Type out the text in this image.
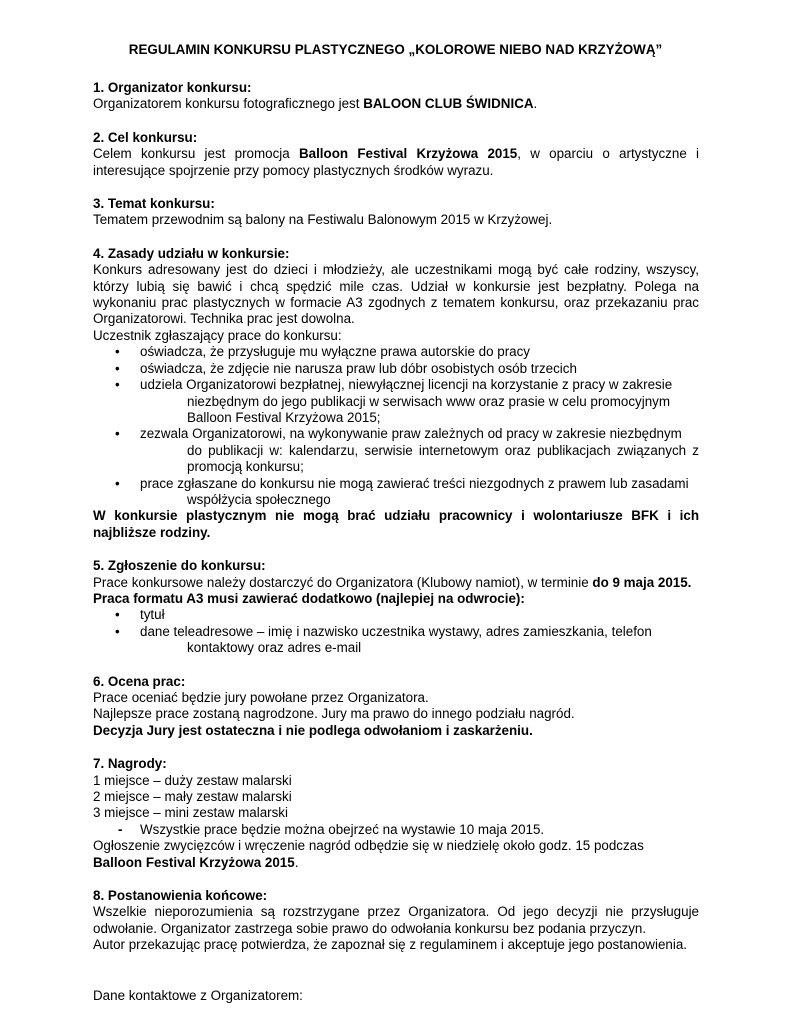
REGULAMIN KONKURSU PLASTYCZNEGO „KOLOROWE NIEBO NAD KRZYŻOWĄ”

1. Organizator konkursu:

Organizatorem konkursu fotograficznego jest BALOON CLUB ŚWIDNICA.

2. Cel konkursu:

Celem konkursu jest promocja Balloon Festival Krzyżowa 2015, w oparciu o artystyczne i

interesujące spojrzenie przy pomocy plastycznych środków wyrazu.

3. Temat konkursu:

Tematem przewodnim są balony na Festiwalu Balonowym 2015 w Krzyżowej.

4. Zasady udziału w konkursie:

Konkurs adresowany jest do dzieci i młodzieży, ale uczestnikami mogą być całe rodziny, wszyscy, którzy lubią się bawić i chcą spędzić mile czas. Udział w konkursie jest bezpłatny. Polega na wykonaniu prac plastycznych w formacie A3 zgodnych z tematem konkursu, oraz przekazaniu prac Organizatorowi. Technika prac jest dowolna.

Uczestnik zgłaszający prace do konkursu:

• oświadcza, że przysługuje mu wyłączne prawa autorskie do pracy
• oświadcza, że zdjęcie nie narusza praw lub dóbr osobistych osób trzecich
• udziela Organizatorowi bezpłatnej, niewyłącznej licencji na korzystanie z pracy w zakresie
niezbędnym do jego publikacji w serwisach www oraz prasie w celu promocyjnym Balloon Festival Krzyżowa 2015;
• zezwala Organizatorowi, na wykonywanie praw zależnych od pracy w zakresie niezbędnym
do publikacji w: kalendarzu, serwisie internetowym oraz publikacjach związanych z promocją konkursu;
• prace zgłaszane do konkursu nie mogą zawierać treści niezgodnych z prawem lub zasadami
współżycia społecznego

W konkursie plastycznym nie mogą brać udziału pracownicy i wolontariusze BFK i ich najbliższe rodziny.

5. Zgłoszenie do konkursu:

Prace konkursowe należy dostarczyć do Organizatora (Klubowy namiot), w terminie do 9 maja 2015.

Praca formatu A3 musi zawierać dodatkowo (najlepiej na odwrocie):

• tytuł
• dane teleadresowe – imię i nazwisko uczestnika wystawy, adres zamieszkania, telefon
kontaktowy oraz adres e-mail

6. Ocena prac:

Prace oceniać będzie jury powołane przez Organizatora.

Najlepsze prace zostaną nagrodzone. Jury ma prawo do innego podziału nagród.

Decyzja Jury jest ostateczna i nie podlega odwołaniom i zaskarżeniu.

7. Nagrody:

1 miejsce – duży zestaw malarski

2 miejsce – mały zestaw malarski

3 miejsce – mini zestaw malarski

- Wszystkie prace będzie można obejrzeć na wystawie 10 maja 2015.

Ogłoszenie zwycięzców i wręczenie nagród odbędzie się w niedzielę około godz. 15 podczas

Balloon Festival Krzyżowa 2015.

8. Postanowienia końcowe:

Wszelkie nieporozumienia są rozstrzygane przez Organizatora. Od jego decyzji nie przysługuje odwołanie. Organizator zastrzega sobie prawo do odwołania konkursu bez podania przyczyn.

Autor przekazując pracę potwierdza, że zapoznał się z regulaminem i akceptuje jego postanowienia.

Dane kontaktowe z Organizatorem:
